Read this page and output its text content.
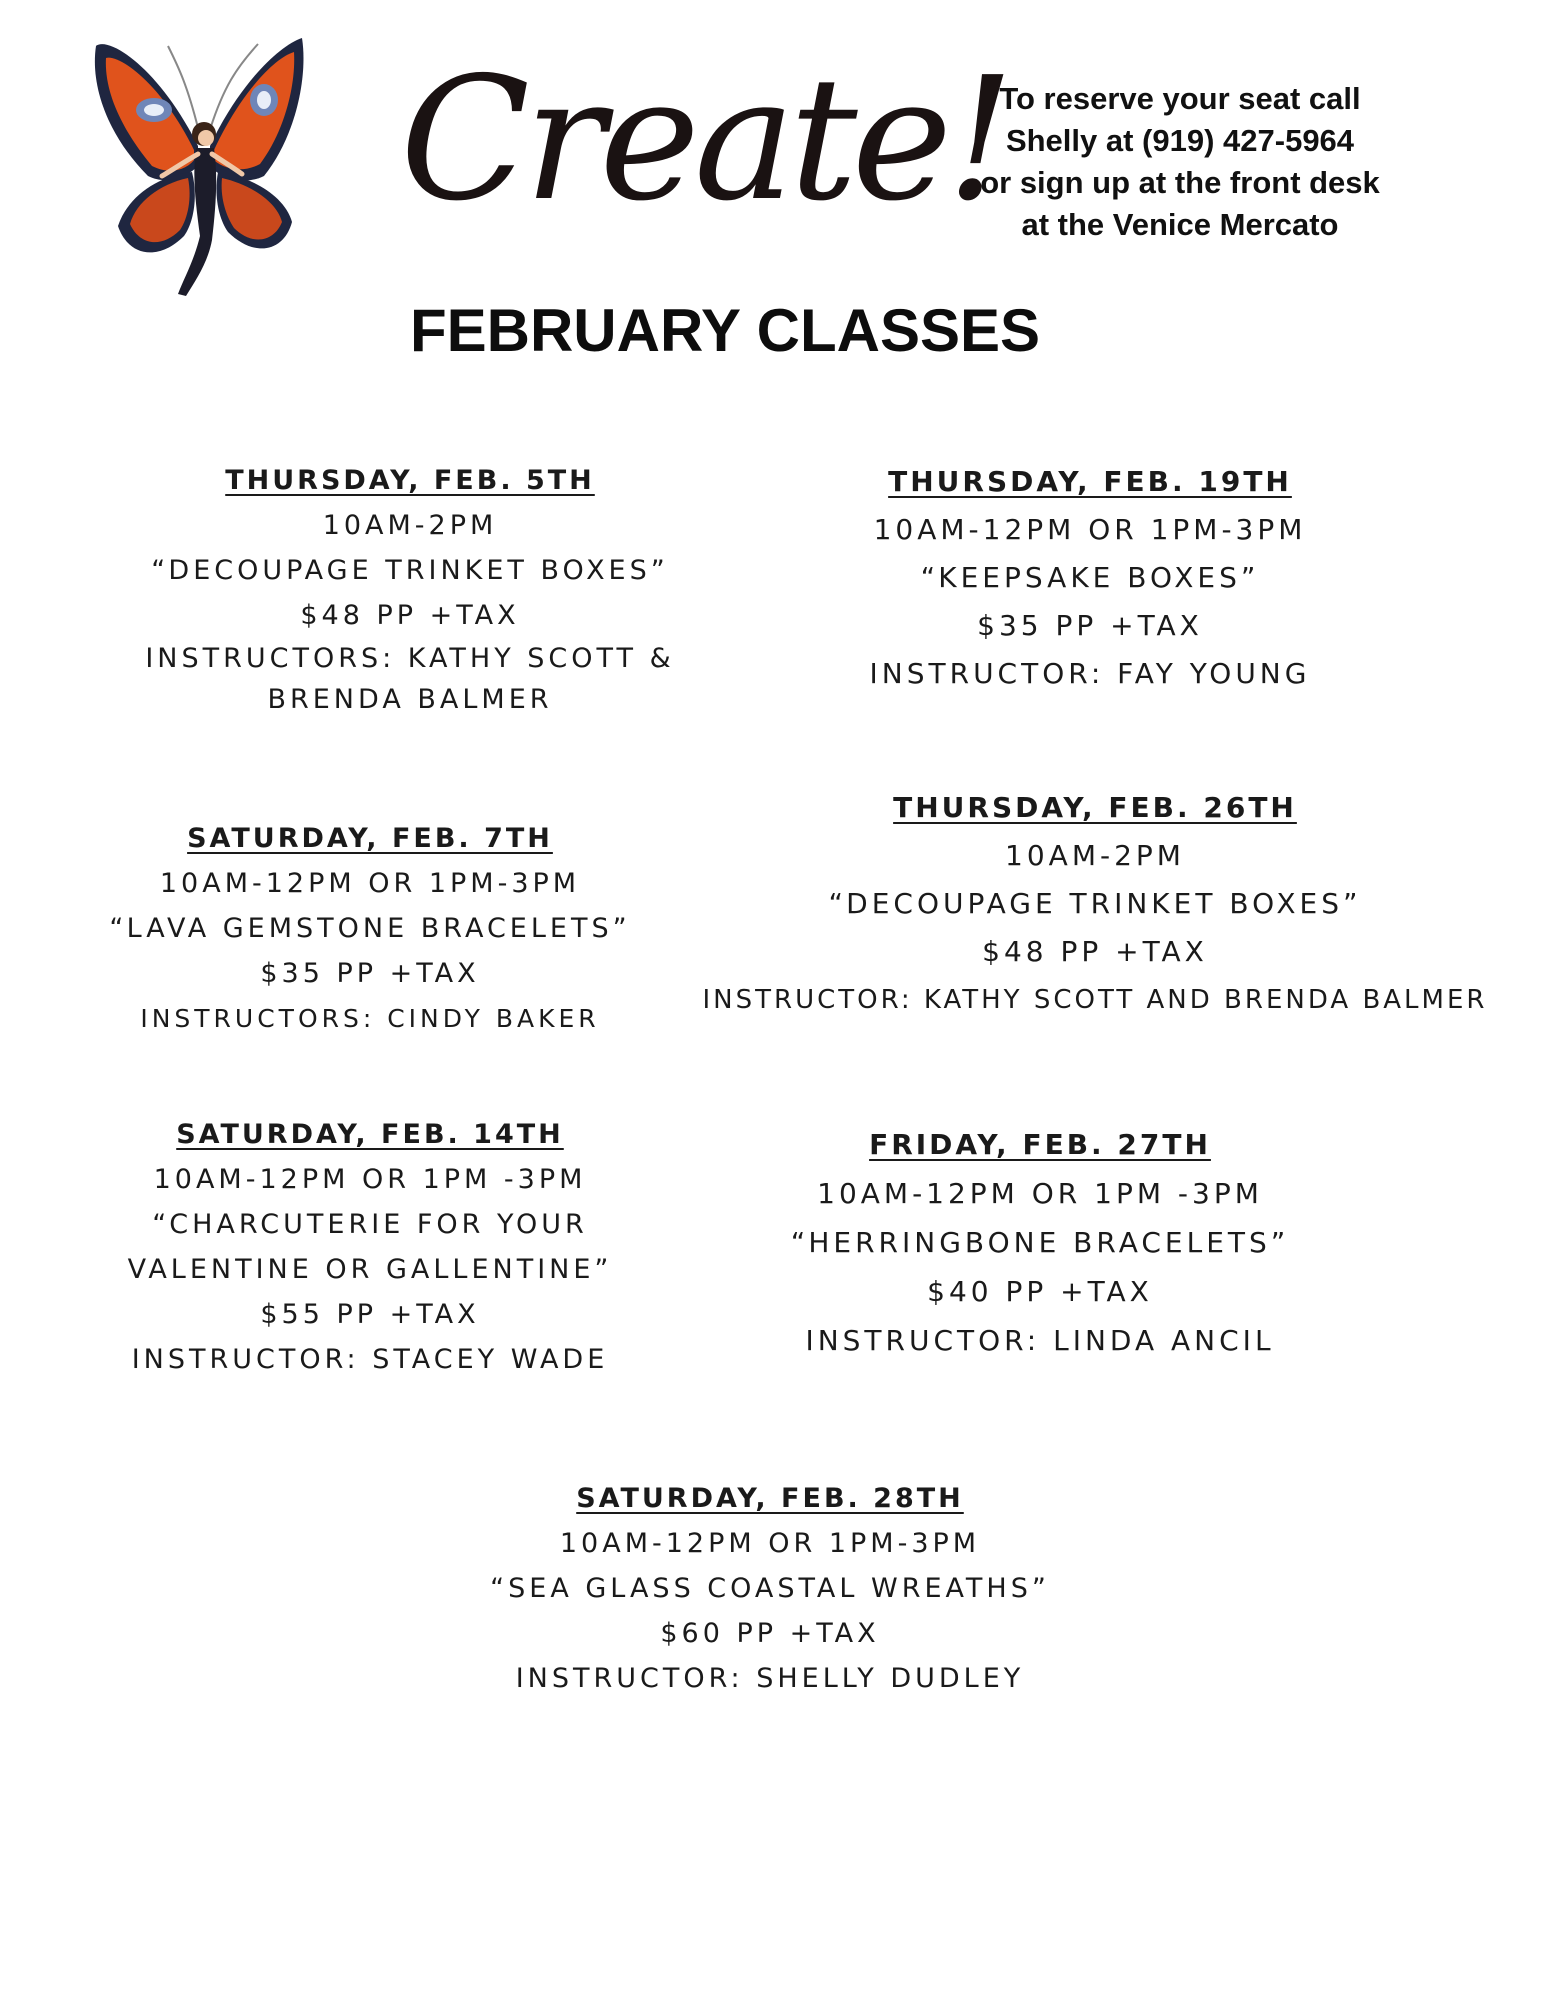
Create!
To reserve your seat call
Shelly at (919) 427-5964
or sign up at the front desk
at the Venice Mercato
FEBRUARY CLASSES
THURSDAY, FEB. 5TH
10AM-2PM
“DECOUPAGE TRINKET BOXES”
$48 PP +TAX
INSTRUCTORS: KATHY SCOTT & BRENDA BALMER
THURSDAY, FEB. 19TH
10AM-12PM OR 1PM-3PM
“KEEPSAKE BOXES”
$35 PP +TAX
INSTRUCTOR: FAY YOUNG
SATURDAY, FEB. 7TH
10AM-12PM OR 1PM-3PM
“LAVA GEMSTONE BRACELETS”
$35 PP +TAX
INSTRUCTORS: CINDY BAKER
THURSDAY, FEB. 26TH
10AM-2PM
“DECOUPAGE TRINKET BOXES”
$48 PP +TAX
INSTRUCTOR: KATHY SCOTT AND BRENDA BALMER
SATURDAY, FEB. 14TH
10AM-12PM OR 1PM -3PM
“CHARCUTERIE FOR YOUR VALENTINE OR GALLENTINE”
$55 PP +TAX
INSTRUCTOR: STACEY WADE
FRIDAY, FEB. 27TH
10AM-12PM OR 1PM -3PM
“HERRINGBONE BRACELETS”
$40 PP +TAX
INSTRUCTOR: LINDA ANCIL
SATURDAY, FEB. 28TH
10AM-12PM OR 1PM-3PM
“SEA GLASS COASTAL WREATHS”
$60 PP +TAX
INSTRUCTOR: SHELLY DUDLEY
